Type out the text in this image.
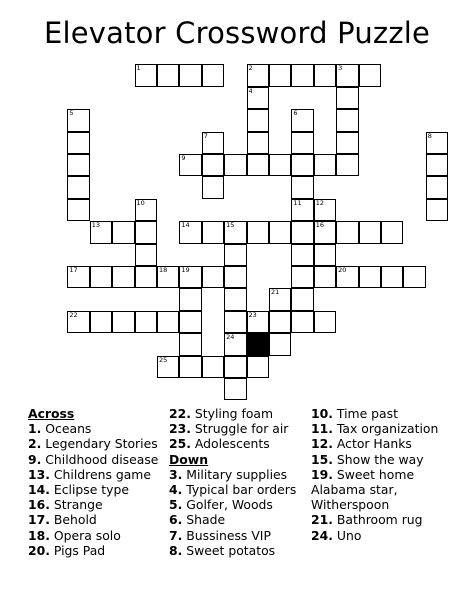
Elevator Crossword Puzzle
1	2	3
4
5	6
7	8
9
10	11 12
13	14	15	16
17	18 19	20
21
22	23
24
25
Across
1. Oceans
2. Legendary Stories
9. Childhood disease
13. Childrens game
14. Eclipse type
16. Strange
17. Behold
18. Opera solo
20. Pigs Pad
22. Styling foam
23. Struggle for air
25. Adolescents
Down
3. Military supplies
4. Typical bar orders
5. Golfer, Woods
6. Shade
7. Bussiness VIP
8. Sweet potatos
10. Time past
11. Tax organization
12. Actor Hanks
15. Show the way
19. Sweet home
Alabama star,
Witherspoon
21. Bathroom rug
24. Uno
